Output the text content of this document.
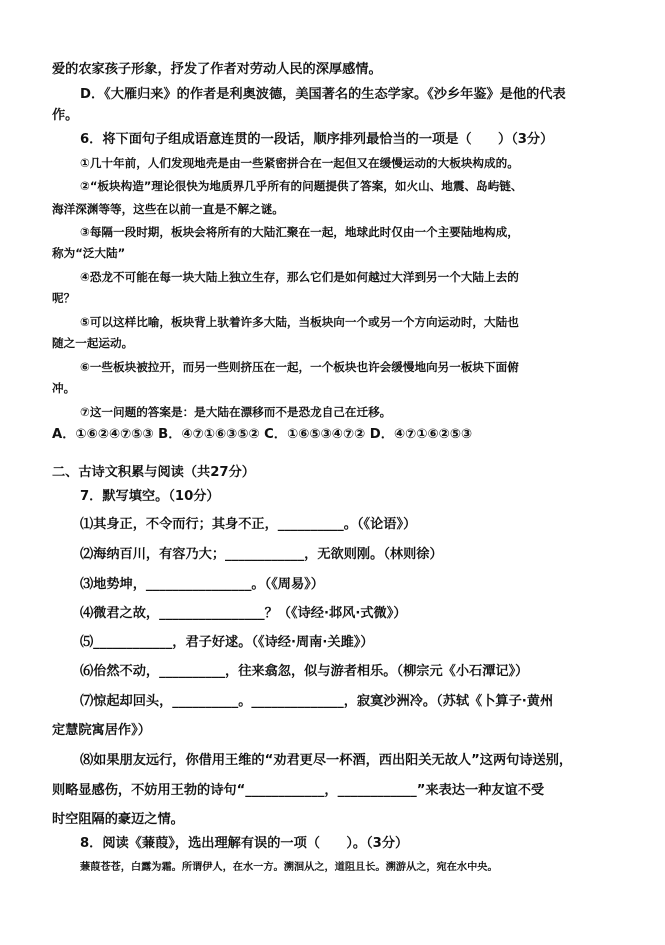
爱的农家孩子形象，抒发了作者对劳动人民的深厚感情。
D．《大雁归来》的作者是利奥波德，美国著名的生态学家。《沙乡年鉴》是他的代表
作。
6．将下面句子组成语意连贯的一段话，顺序排列最恰当的一项是（　　）（3分）
①几十年前，人们发现地壳是由一些紧密拼合在一起但又在缓慢运动的大板块构成的。
②“板块构造”理论很快为地质界几乎所有的问题提供了答案，如火山、地震、岛屿链、
海洋深渊等等，这些在以前一直是不解之谜。
③每隔一段时期，板块会将所有的大陆汇聚在一起，地球此时仅由一个主要陆地构成，
称为“泛大陆”
④恐龙不可能在每一块大陆上独立生存，那么它们是如何越过大洋到另一个大陆上去的
呢？
⑤可以这样比喻，板块背上驮着许多大陆，当板块向一个或另一个方向运动时，大陆也
随之一起运动。
⑥一些板块被拉开，而另一些则挤压在一起，一个板块也许会缓慢地向另一板块下面俯
冲。
⑦这一问题的答案是：是大陆在漂移而不是恐龙自己在迁移。
A．①⑥②④⑦⑤③ B．④⑦①⑥③⑤② C．①⑥⑤③④⑦② D．④⑦①⑥②⑤③
二、古诗文积累与阅读（共27分）
7．默写填空。（10分）
⑴其身正，不令而行；其身不正，__________。（《论语》）
⑵海纳百川，有容乃大；____________，无欲则刚。（林则徐）
⑶地势坤，________________。（《周易》）
⑷微君之故，________________？（《诗经·邶风·式微》）
⑸____________，君子好逑。（《诗经·周南·关雎》）
⑹佁然不动，__________，往来翕忽，似与游者相乐。（柳宗元《小石潭记》）
⑺惊起却回头，__________。______________，寂寞沙洲冷。（苏轼《卜算子·黄州
定慧院寓居作》）
⑻如果朋友远行，你借用王维的“劝君更尽一杯酒，西出阳关无故人”这两句诗送别，
则略显感伤，不妨用王勃的诗句“____________，____________”来表达一种友谊不受
时空阻隔的豪迈之情。
8．阅读《蒹葭》，选出理解有误的一项（　　）。（3分）
蒹葭苍苍，白露为霜。所谓伊人，在水一方。溯洄从之，道阻且长。溯游从之，宛在水中央。
